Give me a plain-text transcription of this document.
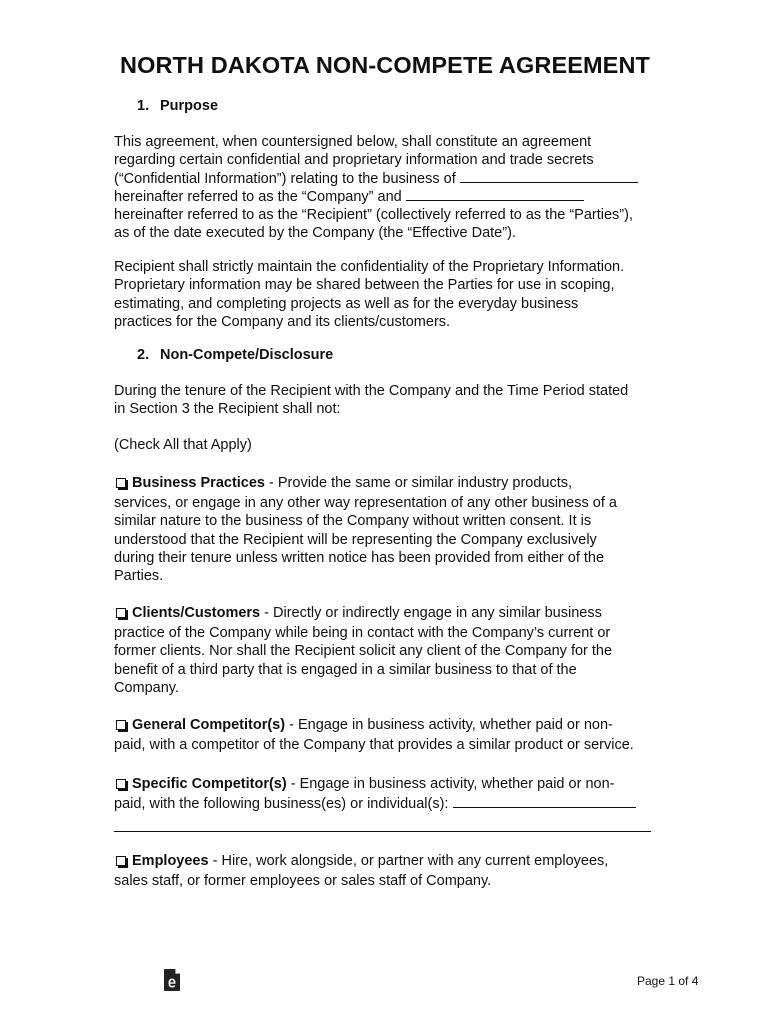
NORTH DAKOTA NON-COMPETE AGREEMENT
1. Purpose
This agreement, when countersigned below, shall constitute an agreement
regarding certain confidential and proprietary information and trade secrets
(“Confidential Information”) relating to the business of
hereinafter referred to as the “Company” and
hereinafter referred to as the “Recipient” (collectively referred to as the “Parties”),
as of the date executed by the Company (the “Effective Date”).
Recipient shall strictly maintain the confidentiality of the Proprietary Information.
Proprietary information may be shared between the Parties for use in scoping,
estimating, and completing projects as well as for the everyday business
practices for the Company and its clients/customers.
2. Non-Compete/Disclosure
During the tenure of the Recipient with the Company and the Time Period stated
in Section 3 the Recipient shall not:
(Check All that Apply)
Business Practices - Provide the same or similar industry products,
services, or engage in any other way representation of any other business of a
similar nature to the business of the Company without written consent. It is
understood that the Recipient will be representing the Company exclusively
during their tenure unless written notice has been provided from either of the
Parties.
Clients/Customers - Directly or indirectly engage in any similar business
practice of the Company while being in contact with the Company’s current or
former clients. Nor shall the Recipient solicit any client of the Company for the
benefit of a third party that is engaged in a similar business to that of the
Company.
General Competitor(s) - Engage in business activity, whether paid or non-
paid, with a competitor of the Company that provides a similar product or service.
Specific Competitor(s) - Engage in business activity, whether paid or non-
paid, with the following business(es) or individual(s):
Employees - Hire, work alongside, or partner with any current employees,
sales staff, or former employees or sales staff of Company.
Page 1 of 4
